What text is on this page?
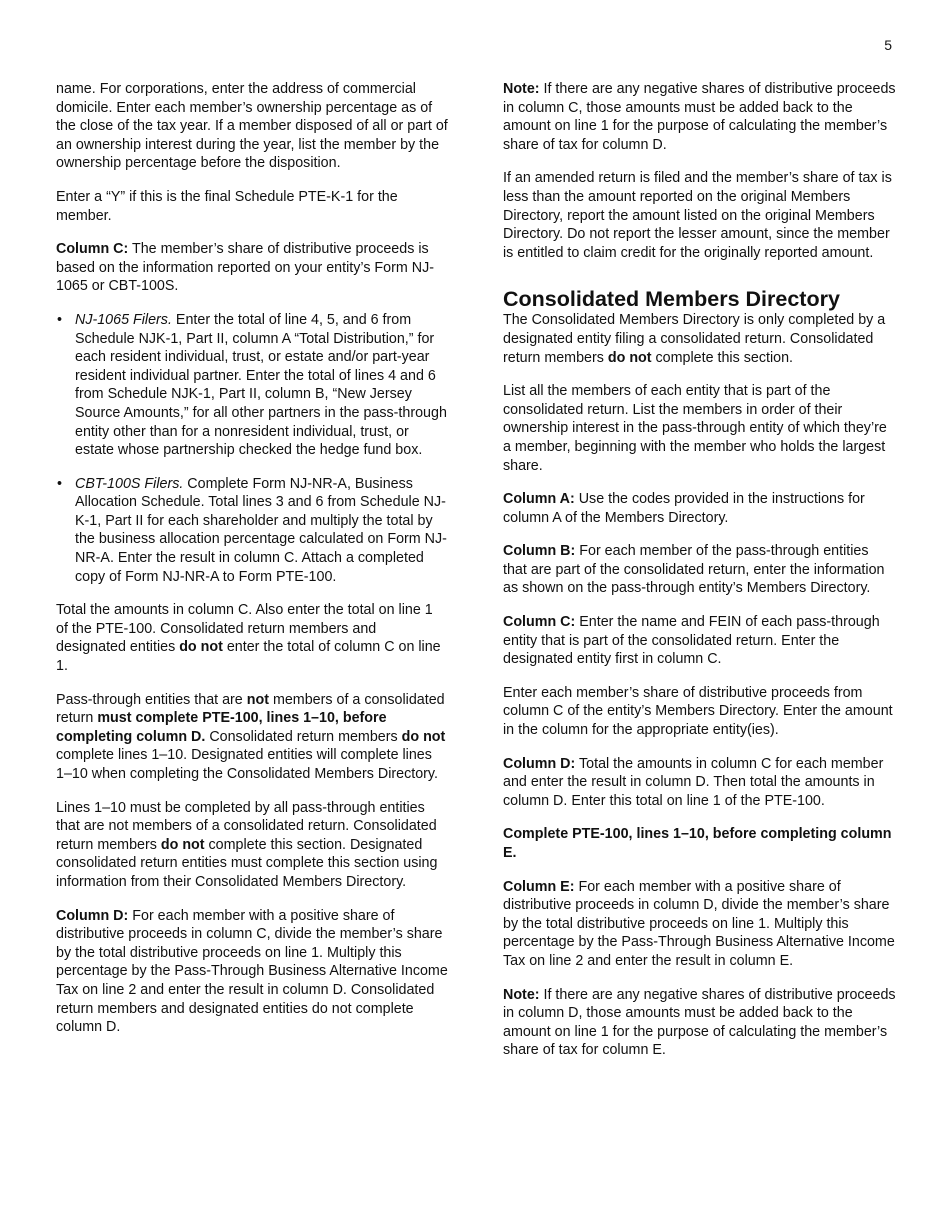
5

name. For corporations, enter the address of commercial domicile. Enter each member’s ownership percentage as of the close of the tax year. If a member disposed of all or part of an ownership interest during the year, list the member by the ownership percentage before the disposition.

Enter a “Y” if this is the final Schedule PTE-K-1 for the member.

Column C: The member’s share of distributive proceeds is based on the information reported on your entity’s Form NJ-1065 or CBT-100S.

• NJ-1065 Filers. Enter the total of line 4, 5, and 6 from Schedule NJK-1, Part II, column A “Total Distribution,” for each resident individual, trust, or estate and/or part-year resident individual partner. Enter the total of lines 4 and 6 from Schedule NJK-1, Part II, column B, “New Jersey Source Amounts,” for all other partners in the pass-through entity other than for a nonresident individual, trust, or estate whose partnership checked the hedge fund box.
• CBT-100S Filers. Complete Form NJ-NR-A, Business Allocation Schedule. Total lines 3 and 6 from Schedule NJ-K-1, Part II for each shareholder and multiply the total by the business allocation percentage calculated on Form NJ-NR-A. Enter the result in column C. Attach a completed copy of Form NJ-NR-A to Form PTE-100.

Total the amounts in column C. Also enter the total on line 1 of the PTE-100. Consolidated return members and designated entities do not enter the total of column C on line 1.

Pass-through entities that are not members of a consolidated return must complete PTE-100, lines 1–10, before completing column D. Consolidated return members do not complete lines 1–10. Designated entities will complete lines 1–10 when completing the Consolidated Members Directory.

Lines 1–10 must be completed by all pass-through entities that are not members of a consolidated return. Consolidated return members do not complete this section. Designated consolidated return entities must complete this section using information from their Consolidated Members Directory.

Column D: For each member with a positive share of distributive proceeds in column C, divide the member’s share by the total distributive proceeds on line 1. Multiply this percentage by the Pass-Through Business Alternative Income Tax on line 2 and enter the result in column D. Consolidated return members and designated entities do not complete column D.

Note: If there are any negative shares of distributive proceeds in column C, those amounts must be added back to the amount on line 1 for the purpose of calculating the member’s share of tax for column D.

If an amended return is filed and the member’s share of tax is less than the amount reported on the original Members Directory, report the amount listed on the original Members Directory. Do not report the lesser amount, since the member is entitled to claim credit for the originally reported amount.

Consolidated Members Directory

The Consolidated Members Directory is only completed by a designated entity filing a consolidated return. Consolidated return members do not complete this section.

List all the members of each entity that is part of the consolidated return. List the members in order of their ownership interest in the pass-through entity of which they’re a member, beginning with the member who holds the largest share.

Column A: Use the codes provided in the instructions for column A of the Members Directory.

Column B: For each member of the pass-through entities that are part of the consolidated return, enter the information as shown on the pass-through entity’s Members Directory.

Column C: Enter the name and FEIN of each pass-through entity that is part of the consolidated return. Enter the designated entity first in column C.

Enter each member’s share of distributive proceeds from column C of the entity’s Members Directory. Enter the amount in the column for the appropriate entity(ies).

Column D: Total the amounts in column C for each member and enter the result in column D. Then total the amounts in column D. Enter this total on line 1 of the PTE-100.

Complete PTE-100, lines 1–10, before completing column E.

Column E: For each member with a positive share of distributive proceeds in column D, divide the member’s share by the total distributive proceeds on line 1. Multiply this percentage by the Pass-Through Business Alternative Income Tax on line 2 and enter the result in column E.

Note: If there are any negative shares of distributive proceeds in column D, those amounts must be added back to the amount on line 1 for the purpose of calculating the member’s share of tax for column E.
